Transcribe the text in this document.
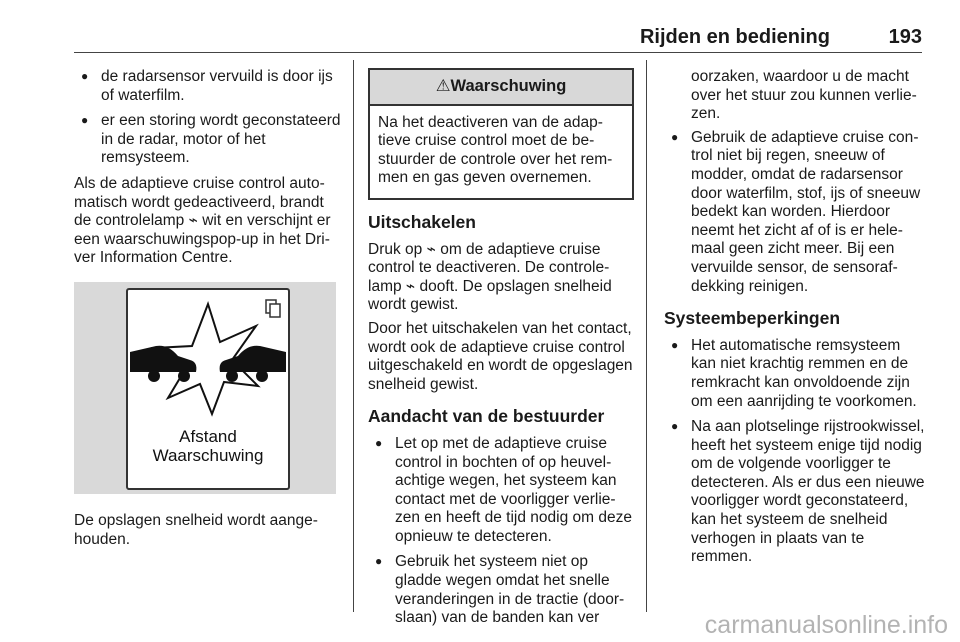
Rijden en bediening	193
● de radarsensor vervuild is door ijs of waterfilm.
● er een storing wordt geconstateerd in de radar, motor of het remsysteem.

Als de adaptieve cruise control automatisch wordt gedeactiveerd, brandt de controlelamp ⌁ wit en verschijnt er een waarschuwingspop-up in het Driver Information Centre.

Afstand
Waarschuwing

De opslagen snelheid wordt aangehouden.

⚠Waarschuwing
Na het deactiveren van de adaptieve cruise control moet de bestuurder de controle over het remmen en gas geven overnemen.
Uitschakelen

Druk op ⌁ om de adaptieve cruise control te deactiveren. De controlelamp ⌁ dooft. De opslagen snelheid wordt gewist.

Door het uitschakelen van het contact, wordt ook de adaptieve cruise control uitgeschakeld en wordt de opgeslagen snelheid gewist.

Aandacht van de bestuurder
● Let op met de adaptieve cruise control in bochten of op heuvelachtige wegen, het systeem kan contact met de voorligger verliezen en heeft de tijd nodig om deze opnieuw te detecteren.
● Gebruik het systeem niet op gladde wegen omdat het snelle veranderingen in de tractie (doorslaan) van de banden kan ver

oorzaken, waardoor u de macht over het stuur zou kunnen verliezen.

● Gebruik de adaptieve cruise control niet bij regen, sneeuw of modder, omdat de radarsensor door waterfilm, stof, ijs of sneeuw bedekt kan worden. Hierdoor neemt het zicht af of is er helemaal geen zicht meer. Bij een vervuilde sensor, de sensorafdekking reinigen.
Systeembeperkingen
● Het automatische remsysteem kan niet krachtig remmen en de remkracht kan onvoldoende zijn om een aanrijding te voorkomen.
● Na aan plotselinge rijstrookwissel, heeft het systeem enige tijd nodig om de volgende voorligger te detecteren. Als er dus een nieuwe voorligger wordt geconstateerd, kan het systeem de snelheid verhogen in plaats van te remmen.
carmanualsonline.info
